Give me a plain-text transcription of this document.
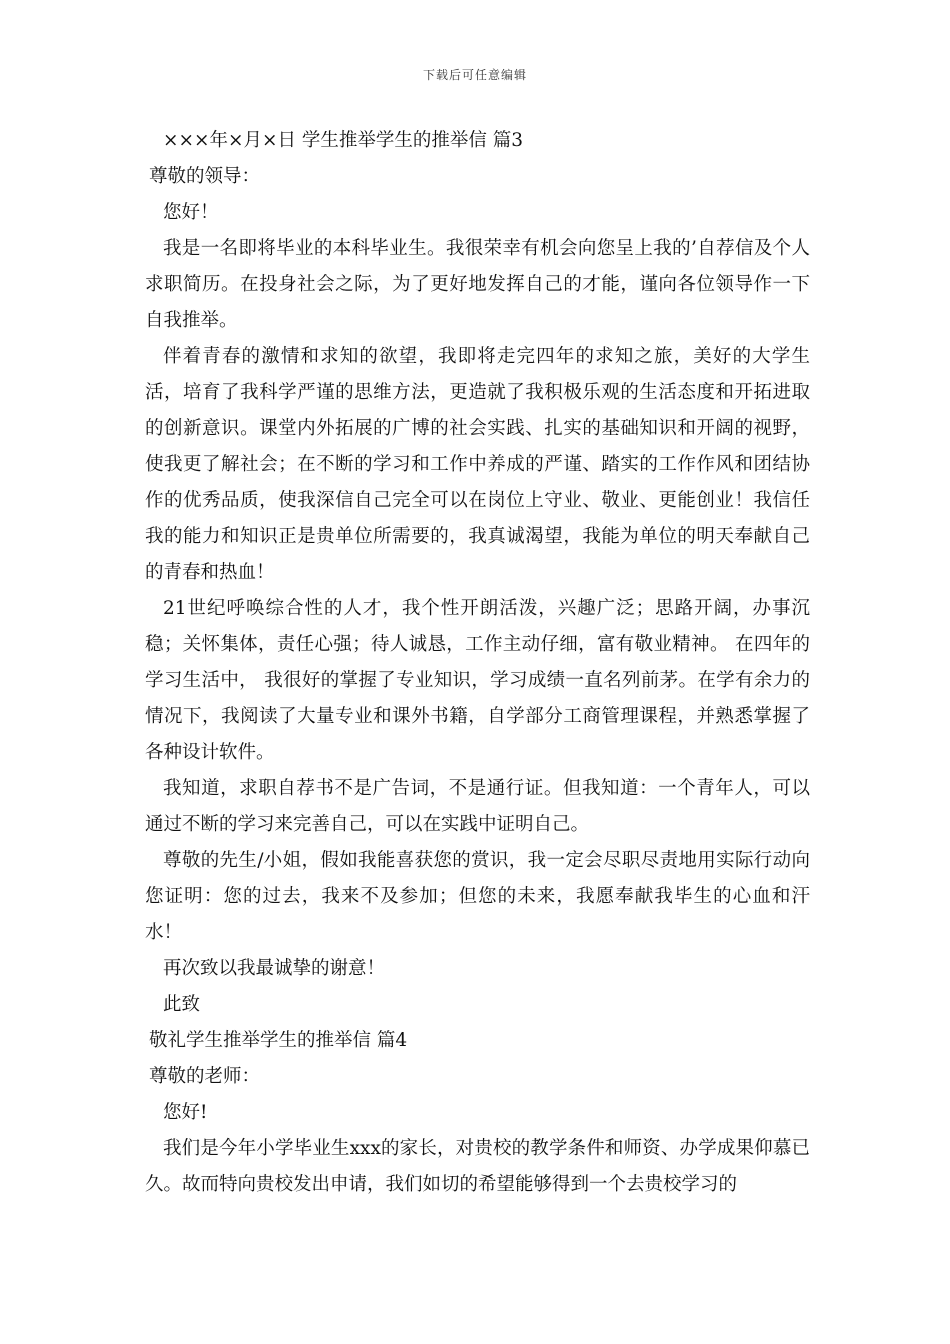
下载后可任意编辑

×××年×月×日 学生推举学生的推举信 篇3

尊敬的领导：

您好！

我是一名即将毕业的本科毕业生。我很荣幸有机会向您呈上我的’自荐信及个人求职简历。在投身社会之际，为了更好地发挥自己的才能，谨向各位领导作一下自我推举。

伴着青春的激情和求知的欲望，我即将走完四年的求知之旅，美好的大学生活，培育了我科学严谨的思维方法，更造就了我积极乐观的生活态度和开拓进取的创新意识。课堂内外拓展的广博的社会实践、扎实的基础知识和开阔的视野，使我更了解社会；在不断的学习和工作中养成的严谨、踏实的工作作风和团结协作的优秀品质，使我深信自己完全可以在岗位上守业、敬业、更能创业！我信任我的能力和知识正是贵单位所需要的，我真诚渴望，我能为单位的明天奉献自己的青春和热血！

21世纪呼唤综合性的人才，我个性开朗活泼，兴趣广泛；思路开阔，办事沉稳；关怀集体，责任心强；待人诚恳，工作主动仔细，富有敬业精神。 在四年的学习生活中， 我很好的掌握了专业知识，学习成绩一直名列前茅。在学有余力的情况下，我阅读了大量专业和课外书籍，自学部分工商管理课程，并熟悉掌握了各种设计软件。

我知道，求职自荐书不是广告词，不是通行证。但我知道：一个青年人，可以通过不断的学习来完善自己，可以在实践中证明自己。

尊敬的先生/小姐，假如我能喜获您的赏识，我一定会尽职尽责地用实际行动向您证明：您的过去，我来不及参加；但您的未来，我愿奉献我毕生的心血和汗水！

再次致以我最诚挚的谢意！

此致

敬礼学生推举学生的推举信 篇4

尊敬的老师：

您好!

我们是今年小学毕业生xxx的家长，对贵校的教学条件和师资、办学成果仰慕已久。故而特向贵校发出申请，我们如切的希望能够得到一个去贵校学习的
